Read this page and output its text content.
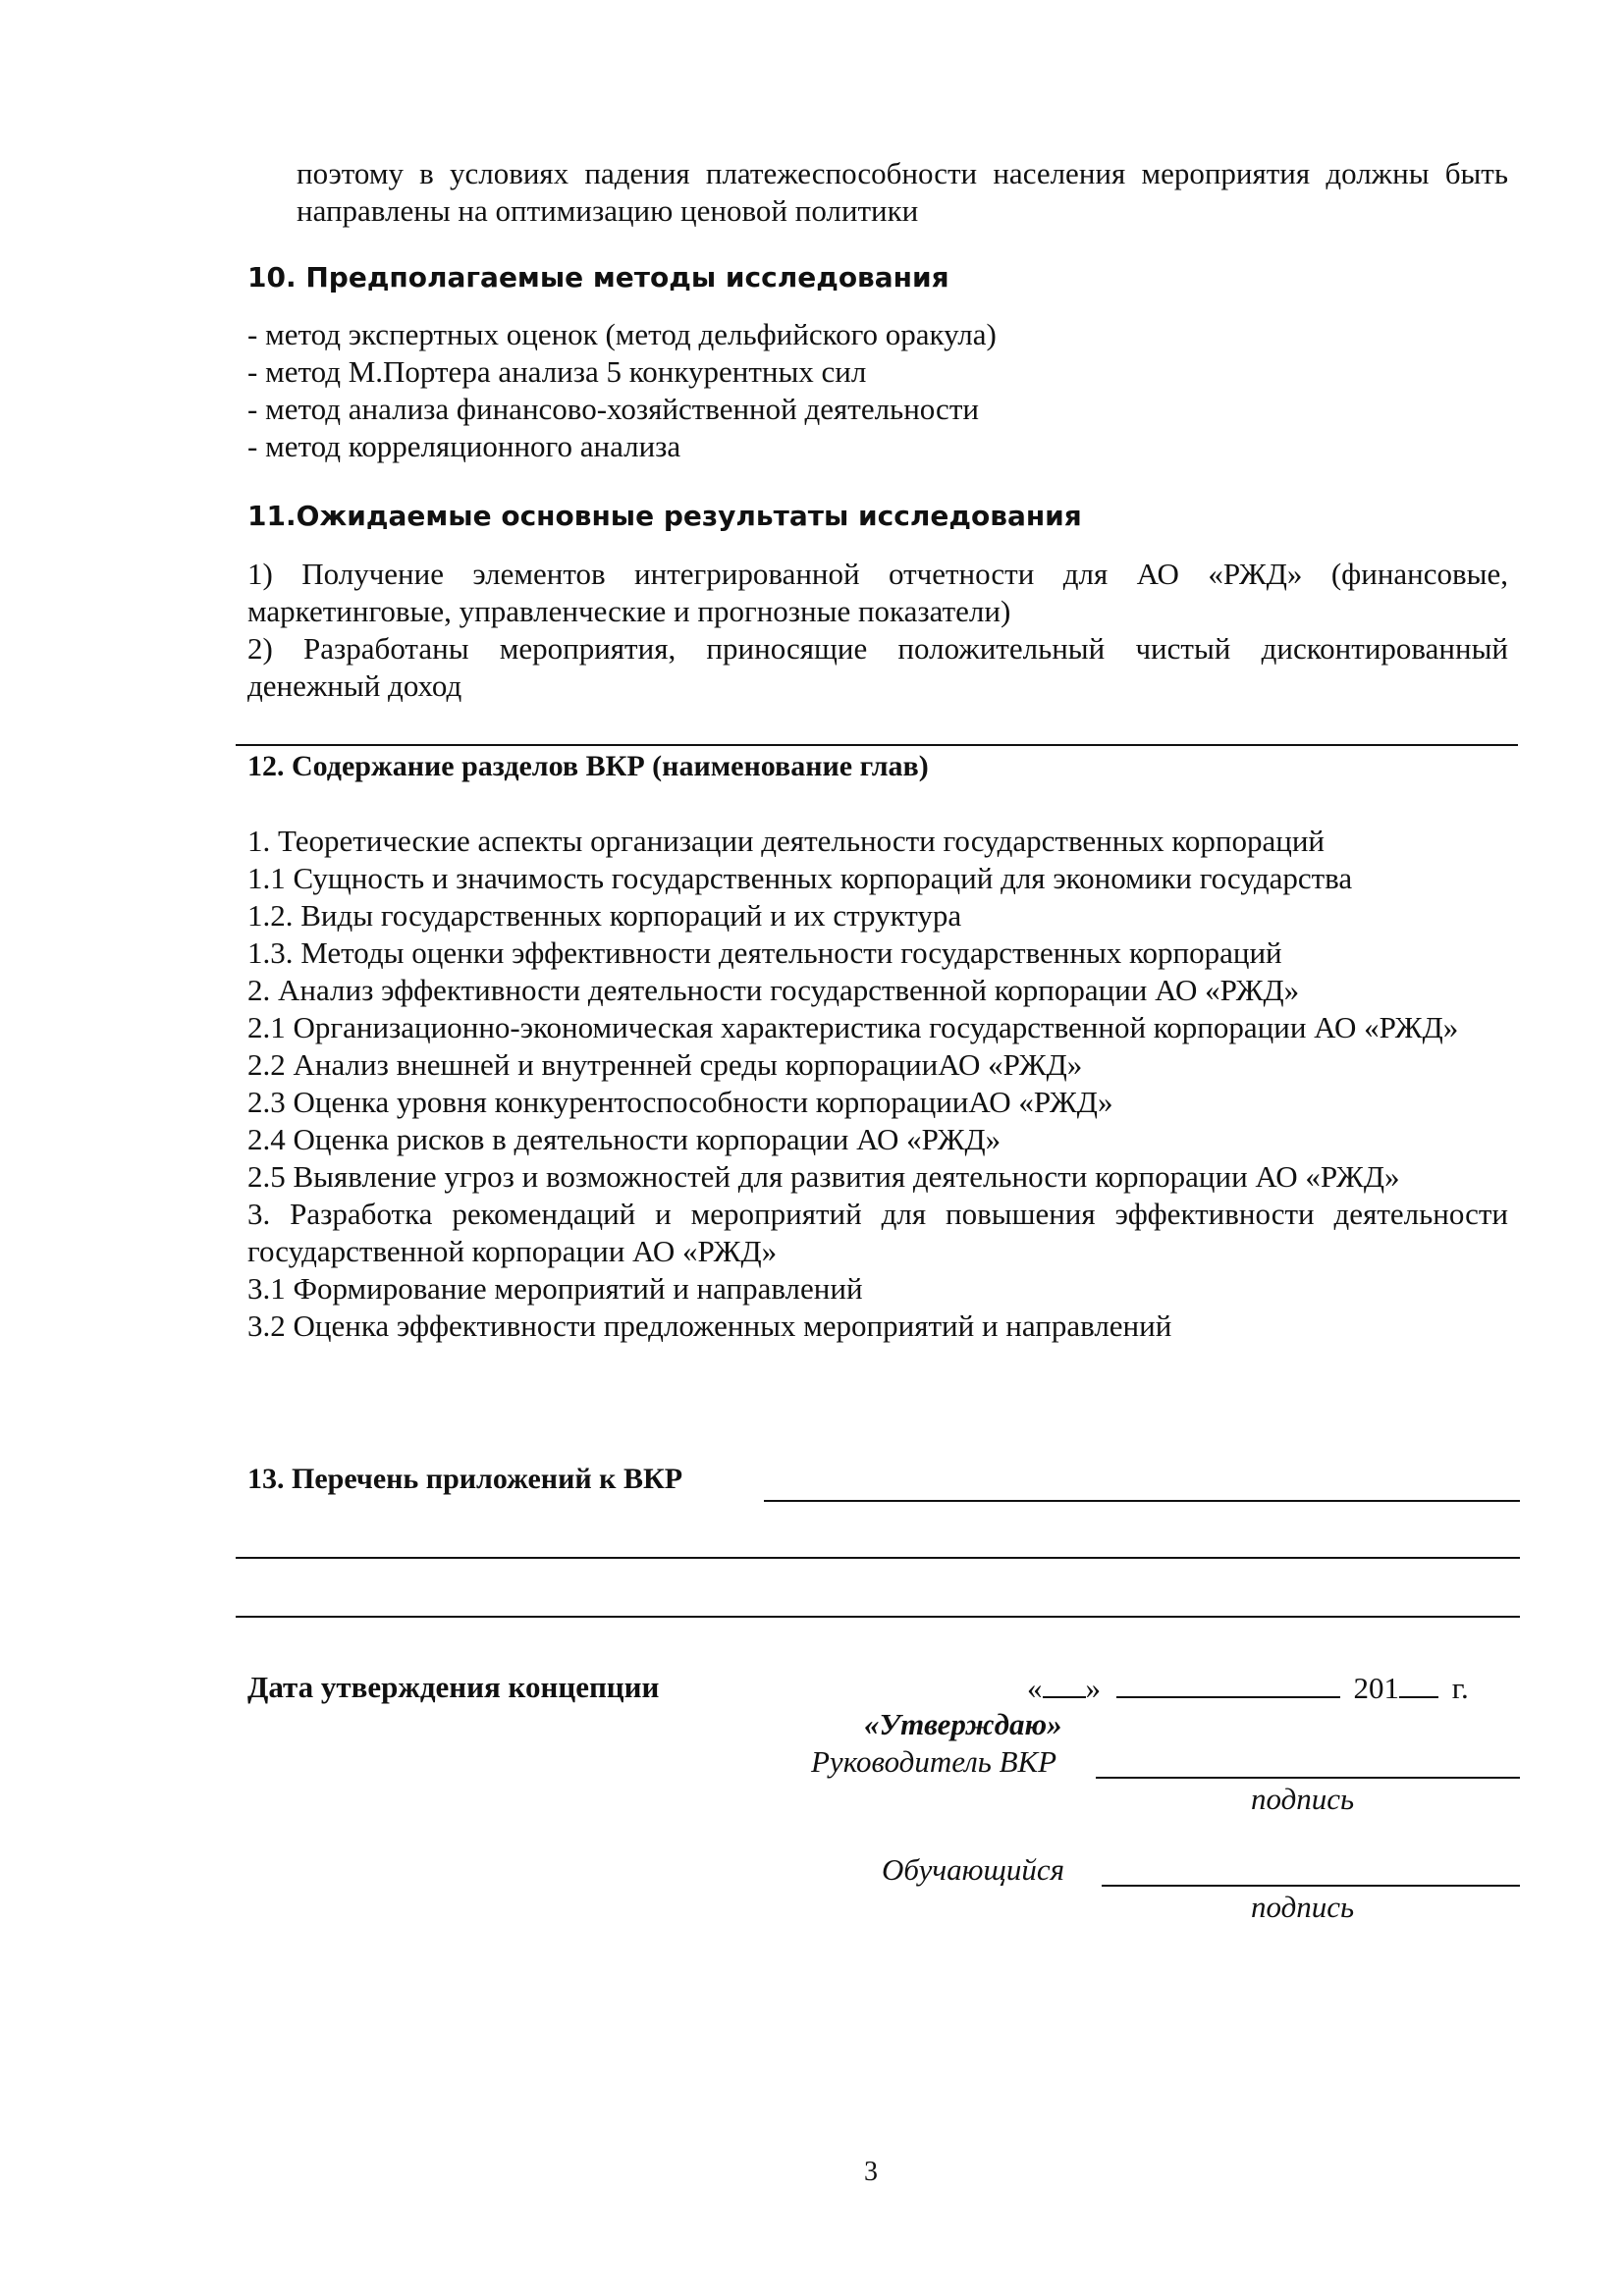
поэтому в условиях падения платежеспособности населения мероприятия должны быть направлены на оптимизацию ценовой политики

10. Предполагаемые методы исследования
- метод экспертных оценок (метод дельфийского оракула)
- метод М.Портера анализа 5 конкурентных сил
- метод анализа финансово-хозяйственной деятельности
- метод корреляционного анализа
11.Ожидаемые основные результаты исследования
1) Получение элементов интегрированной отчетности для АО «РЖД» (финансовые, маркетинговые, управленческие и прогнозные показатели)
2) Разработаны мероприятия, приносящие положительный чистый дисконтированный денежный доход
12. Содержание разделов ВКР (наименование глав)
1. Теоретические аспекты организации деятельности государственных корпораций
1.1 Сущность и значимость государственных корпораций для экономики государства
1.2. Виды государственных корпораций и их структура
1.3. Методы оценки эффективности деятельности государственных корпораций
2. Анализ эффективности деятельности государственной корпорации АО «РЖД»
2.1 Организационно-экономическая характеристика государственной корпорации АО «РЖД»
2.2 Анализ внешней и внутренней среды корпорацииАО «РЖД»
2.3 Оценка уровня конкурентоспособности корпорацииАО «РЖД»
2.4 Оценка рисков в деятельности корпорации АО «РЖД»
2.5 Выявление угроз и возможностей для развития деятельности корпорации АО «РЖД»
3. Разработка рекомендаций и мероприятий для повышения эффективности деятельности государственной корпорации АО «РЖД»
3.1 Формирование мероприятий и направлений
3.2 Оценка эффективности предложенных мероприятий и направлений
13. Перечень приложений к ВКР

Дата утверждения концепции	« »	201 г.

«Утверждаю»

Руководитель ВКР

подпись

Обучающийся

подпись

3
